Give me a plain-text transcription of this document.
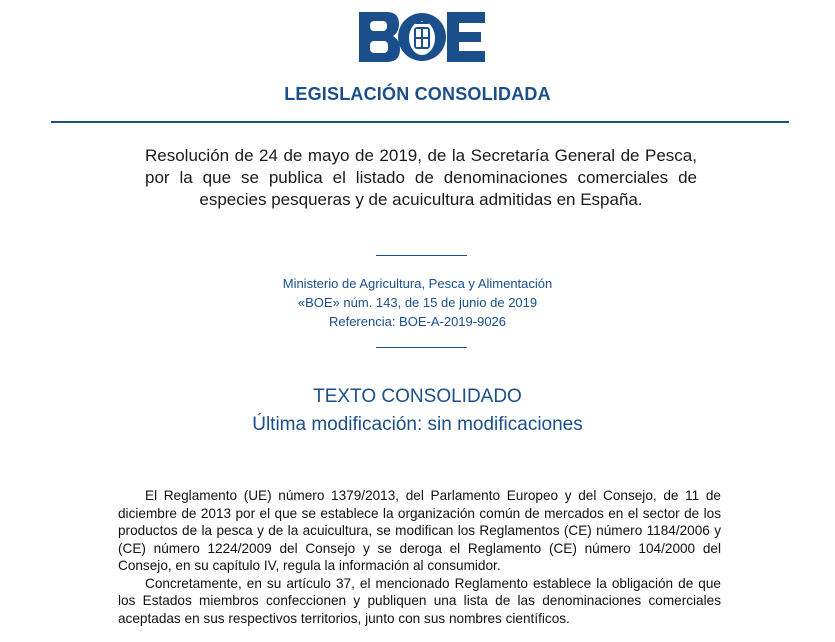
LEGISLACIÓN CONSOLIDADA
Resolución de 24 de mayo de 2019, de la Secretaría General de Pesca, por la que se publica el listado de denominaciones comerciales de especies pesqueras y de acuicultura admitidas en España.
Ministerio de Agricultura, Pesca y Alimentación
«BOE» núm. 143, de 15 de junio de 2019
Referencia: BOE-A-2019-9026
TEXTO CONSOLIDADO
Última modificación: sin modificaciones

El Reglamento (UE) número 1379/2013, del Parlamento Europeo y del Consejo, de 11 de diciembre de 2013 por el que se establece la organización común de mercados en el sector de los productos de la pesca y de la acuicultura, se modifican los Reglamentos (CE) número 1184/2006 y (CE) número 1224/2009 del Consejo y se deroga el Reglamento (CE) número 104/2000 del Consejo, en su capítulo IV, regula la información al consumidor.

Concretamente, en su artículo 37, el mencionado Reglamento establece la obligación de que los Estados miembros confeccionen y publiquen una lista de las denominaciones comerciales aceptadas en sus respectivos territorios, junto con sus nombres científicos.
